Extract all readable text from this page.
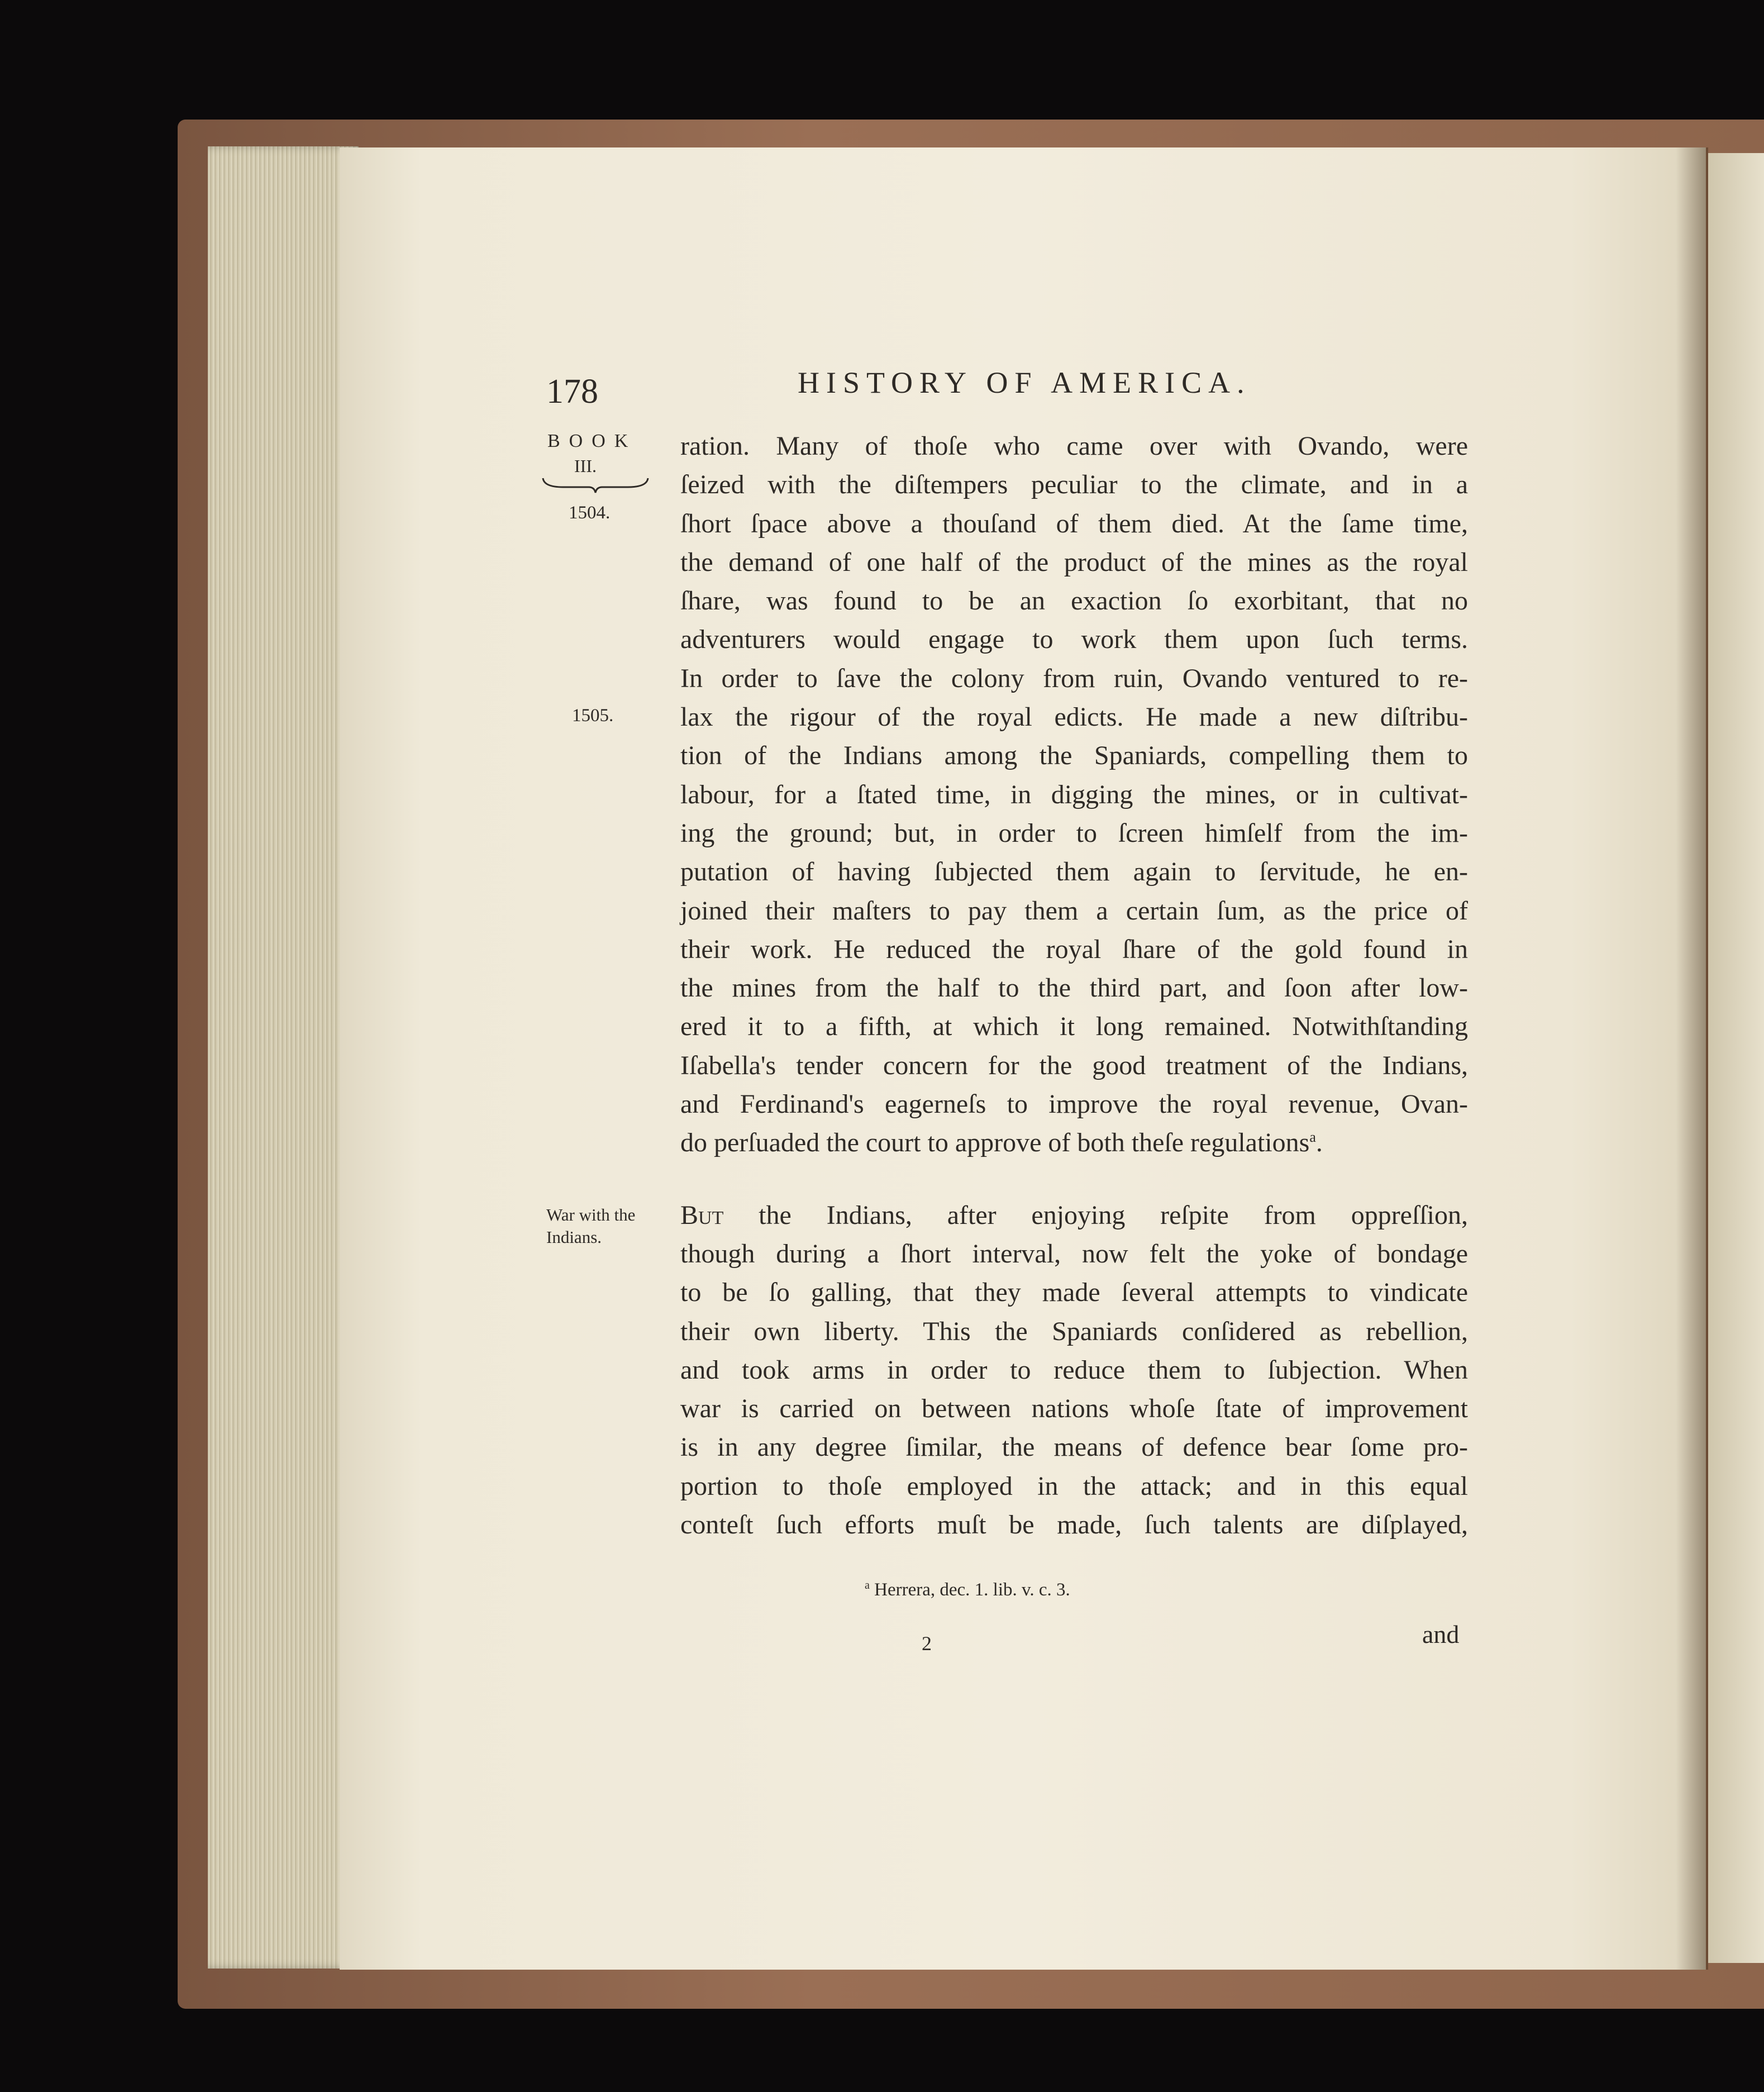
178	HISTORY OF AMERICA.
BOOK
III.
1504.
1505.
War with the
Indians.
ration. Many of thoſe who came over with Ovando, were
ſeized with the diſtempers peculiar to the climate, and in a
ſhort ſpace above a thouſand of them died. At the ſame time,
the demand of one half of the product of the mines as the royal
ſhare, was found to be an exaction ſo exorbitant, that no
adventurers would engage to work them upon ſuch terms.
In order to ſave the colony from ruin, Ovando ventured to re-
lax the rigour of the royal edicts. He made a new diſtribu-
tion of the Indians among the Spaniards, compelling them to
labour, for a ſtated time, in digging the mines, or in cultivat-
ing the ground; but, in order to ſcreen himſelf from the im-
putation of having ſubjected them again to ſervitude, he en-
joined their maſters to pay them a certain ſum, as the price of
their work. He reduced the royal ſhare of the gold found in
the mines from the half to the third part, and ſoon after low-
ered it to a fifth, at which it long remained. Notwithſtanding
Iſabella's tender concern for the good treatment of the Indians,
and Ferdinand's eagerneſs to improve the royal revenue, Ovan-
do perſuaded the court to approve of both theſe regulations$^a$.
But the Indians, after enjoying reſpite from oppreſſion,
though during a ſhort interval, now felt the yoke of bondage
to be ſo galling, that they made ſeveral attempts to vindicate
their own liberty. This the Spaniards conſidered as rebellion,
and took arms in order to reduce them to ſubjection. When
war is carried on between nations whoſe ſtate of improvement
is in any degree ſimilar, the means of defence bear ſome pro-
portion to thoſe employed in the attack; and in this equal
conteſt ſuch efforts muſt be made, ſuch talents are diſplayed,
$^a$ Herrera, dec. 1. lib. v. c. 3.
2	and
